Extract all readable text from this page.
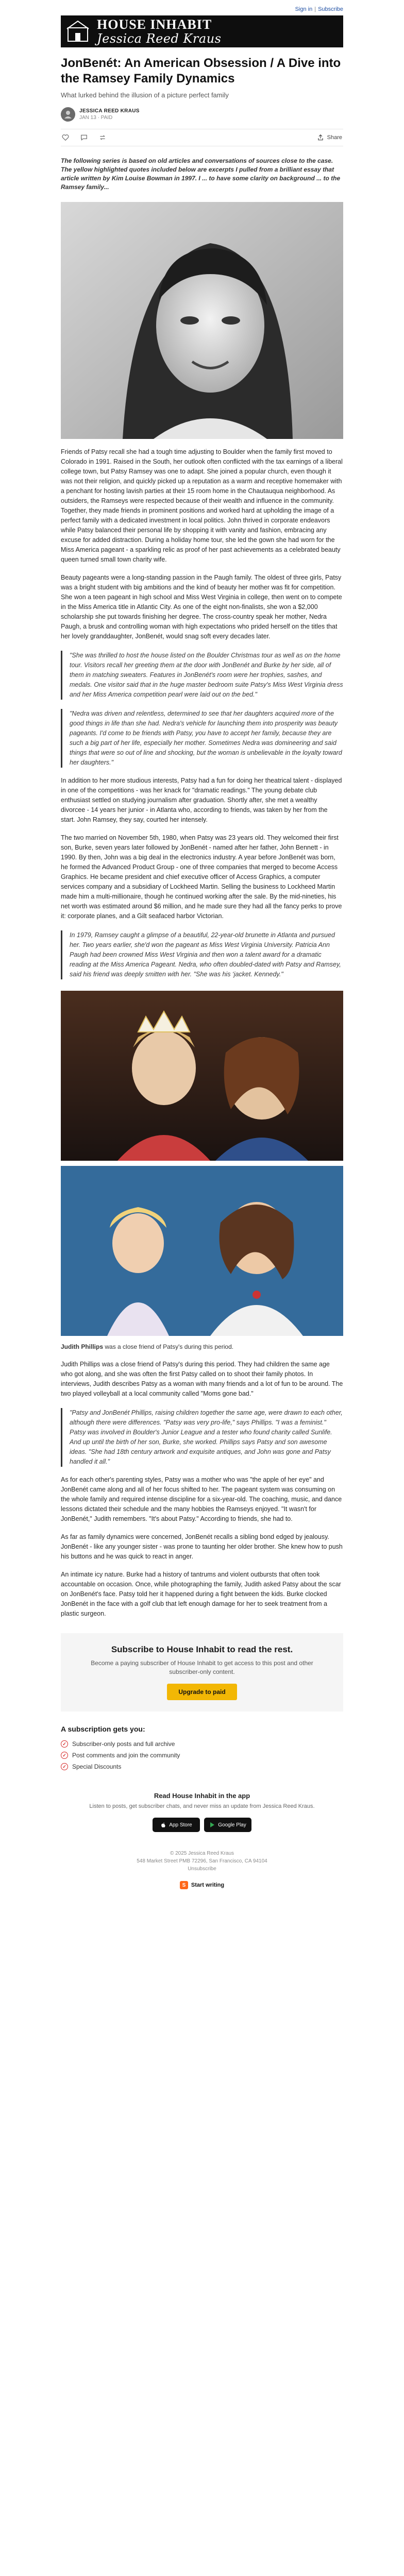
Sign in | Subscribe
HOUSE INHABIT
Jessica Reed Kraus
JonBenét: An American Obsession / A Dive into the Ramsey Family Dynamics
What lurked behind the illusion of a picture perfect family
JESSICA REED KRAUS
JAN 13 · PAID
Share

The following series is based on old articles and conversations of sources close to the case. The yellow highlighted quotes included below are excerpts I pulled from a brilliant essay that article written by Kim Louise Bowman in 1997. I ... to have some clarity on background ... to the Ramsey family...

Friends of Patsy recall she had a tough time adjusting to Boulder when the family first moved to Colorado in 1991. Raised in the South, her outlook often conflicted with the tax earnings of a liberal college town, but Patsy Ramsey was one to adapt. She joined a popular church, even though it was not their religion, and quickly picked up a reputation as a warm and receptive homemaker with a penchant for hosting lavish parties at their 15 room home in the Chautauqua neighborhood. As outsiders, the Ramseys were respected because of their wealth and influence in the community. Together, they made friends in prominent positions and worked hard at upholding the image of a perfect family with a dedicated investment in local politics. John thrived in corporate endeavors while Patsy balanced their personal life by shopping it with vanity and fashion, embracing any excuse for added distraction. During a holiday home tour, she led the gown she had worn for the Miss America pageant - a sparkling relic as proof of her past achievements as a celebrated beauty queen turned small town charity wife.

Beauty pageants were a long-standing passion in the Paugh family. The oldest of three girls, Patsy was a bright student with big ambitions and the kind of beauty her mother was fit for competition. She won a teen pageant in high school and Miss West Virginia in college, then went on to compete in the Miss America title in Atlantic City. As one of the eight non-finalists, she won a $2,000 scholarship she put towards finishing her degree. The cross-country speak her mother, Nedra Paugh, a brusk and controlling woman with high expectations who prided herself on the titles that her lovely granddaughter, JonBenét, would snag soft every decades later.

"She was thrilled to host the house listed on the Boulder Christmas tour as well as on the home tour. Visitors recall her greeting them at the door with JonBenét and Burke by her side, all of them in matching sweaters. Features in JonBenét's room were her trophies, sashes, and medals. One visitor said that in the huge master bedroom suite Patsy's Miss West Virginia dress and her Miss America competition pearl were laid out on the bed."
"Nedra was driven and relentless, determined to see that her daughters acquired more of the good things in life than she had. Nedra's vehicle for launching them into prosperity was beauty pageants. I'd come to be friends with Patsy, you have to accept her family, because they are such a big part of her life, especially her mother. Sometimes Nedra was domineering and said things that were so out of line and shocking, but the woman is unbelievable in the loyalty toward her daughters."

In addition to her more studious interests, Patsy had a fun for doing her theatrical talent - displayed in one of the competitions - was her knack for "dramatic readings." The young debate club enthusiast settled on studying journalism after graduation. Shortly after, she met a wealthy divorcee - 14 years her junior - in Atlanta who, according to friends, was taken by her from the start. John Ramsey, they say, courted her intensely.

The two married on November 5th, 1980, when Patsy was 23 years old. They welcomed their first son, Burke, seven years later followed by JonBenét - named after her father, John Bennett - in 1990. By then, John was a big deal in the electronics industry. A year before JonBenét was born, he formed the Advanced Product Group - one of three companies that merged to become Access Graphics. He became president and chief executive officer of Access Graphics, a computer services company and a subsidiary of Lockheed Martin. Selling the business to Lockheed Martin made him a multi-millionaire, though he continued working after the sale. By the mid-nineties, his net worth was estimated around $6 million, and he made sure they had all the fancy perks to prove it: corporate planes, and a Gilt seafaced harbor Victorian.

In 1979, Ramsey caught a glimpse of a beautiful, 22-year-old brunette in Atlanta and pursued her. Two years earlier, she'd won the pageant as Miss West Virginia University. Patricia Ann Paugh had been crowned Miss West Virginia and then won a talent award for a dramatic reading at the Miss America Pageant. Nedra, who often doubled-dated with Patsy and Ramsey, said his friend was deeply smitten with her. "She was his ‘jacket. Kennedy."

Judith Phillips was a close friend of Patsy's during this period.

Judith Phillips was a close friend of Patsy's during this period. They had children the same age who got along, and she was often the first Patsy called on to shoot their family photos. In interviews, Judith describes Patsy as a woman with many friends and a lot of fun to be around. The two played volleyball at a local community called "Moms gone bad."

"Patsy and JonBenét Phillips, raising children together the same age, were drawn to each other, although there were differences. "Patsy was very pro-life," says Phillips. "I was a feminist." Patsy was involved in Boulder's Junior League and a tester who found charity called Sunlife. And up until the birth of her son, Burke, she worked. Phillips says Patsy and son awesome ideas. "She had 18th century artwork and exquisite antiques, and John was gone and Patsy handled it all."

As for each other's parenting styles, Patsy was a mother who was "the apple of her eye" and JonBenét came along and all of her focus shifted to her. The pageant system was consuming on the whole family and required intense discipline for a six-year-old. The coaching, music, and dance lessons dictated their schedule and the many hobbies the Ramseys enjoyed. "It wasn't for JonBenét," Judith remembers. "It's about Patsy." According to friends, she had to.

As far as family dynamics were concerned, JonBenét recalls a sibling bond edged by jealousy. JonBenét - like any younger sister - was prone to taunting her older brother. She knew how to push his buttons and he was quick to react in anger.

An intimate icy nature. Burke had a history of tantrums and violent outbursts that often took accountable on occasion. Once, while photographing the family, Judith asked Patsy about the scar on JonBenét's face. Patsy told her it happened during a fight between the kids. Burke clocked JonBenét in the face with a golf club that left enough damage for her to seek treatment from a plastic surgeon.

Subscribe to House Inhabit to read the rest.
Become a paying subscriber of House Inhabit to get access to this post and other subscriber-only content.
Upgrade to paid
A subscription gets you:
✓ Subscriber-only posts and full archive
✓ Post comments and join the community
✓ Special Discounts
Read House Inhabit in the app
Listen to posts, get subscriber chats, and never miss an update from Jessica Reed Kraus.
App Store	Google Play
© 2025 Jessica Reed Kraus
548 Market Street PMB 72296, San Francisco, CA 94104
Unsubscribe
S Start writing
